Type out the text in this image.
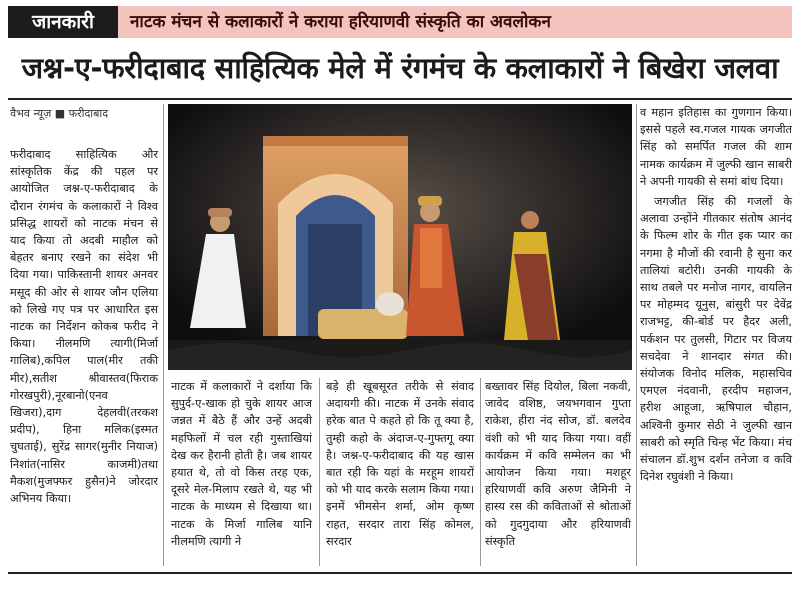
जानकारी	नाटक मंचन से कलाकारों ने कराया हरियाणवी संस्कृति का अवलोकन
जश्न-ए-फरीदाबाद साहित्यिक मेले में रंगमंच के कलाकारों ने बिखेरा जलवा
वैभव न्यूज़ ■ फरीदाबाद

फरीदाबाद साहित्यिक और सांस्कृतिक केंद्र की पहल पर आयोजित जश्न-ए-फरीदाबाद के दौरान रंगमंच के कलाकारों ने विश्व प्रसिद्ध शायरों को नाटक मंचन से याद किया तो अदबी माहौल को बेहतर बनाए रखने का संदेश भी दिया गया। पाकिस्तानी शायर अनवर मसूद की ओर से शायर जौन एलिया को लिखे गए पत्र पर आधारित इस नाटक का निर्देशन कोकब फरीद ने किया। नीलमणि त्यागी(मिर्जा गालिब),कपिल पाल(मीर तकी मीर),सतीश श्रीवास्तव(फिराक गोरखपुरी),नूरबानो(एनव खिजरा),दाग देहलवी(तरकश प्रदीप), हिना मलिक(इस्मत चुघताई), सुरेंद्र सागर(मुनीर नियाज) निशांत(नासिर काजमी)तथा मैकश(मुजफ्फर हुसैन)ने जोरदार अभिनय किया।

नाटक में कलाकारों ने दर्शाया कि सुपुर्द-ए-खाक हो चुके शायर आज जन्नत में बैठे हैं और उन्हें अदबी महफिलों में चल रही गुस्ताखियां देख कर हैरानी होती है। जब शायर हयात थे, तो वो किस तरह एक, दूसरे मेल-मिलाप रखते थे, यह भी नाटक के माध्यम से दिखाया था। नाटक के मिर्जा गालिब यानि नीलमणि त्यागी ने

बड़े ही खूबसूरत तरीके से संवाद अदायगी की। नाटक में उनके संवाद हरेक बात पे कहते हो कि तू क्या है, तुम्ही कहो के अंदाज-ए-गुफ्तगू क्या है। जश्न-ए-फरीदाबाद की यह खास बात रही कि यहां के मरहूम शायरों को भी याद करके सलाम किया गया। इनमें भीमसेन शर्मा, ओम कृष्ण राहत, सरदार तारा सिंह कोमल, सरदार

बख्तावर सिंह दियोल, बिला नकवी, जावेद वशिष्ठ, जयभगवान गुप्ता राकेश, हीरा नंद सोज, डॉ. बलदेव वंशी को भी याद किया गया। वहीं कार्यक्रम में कवि सम्मेलन का भी आयोजन किया गया। मशहूर हरियाणवीं कवि अरुण जैमिनी ने हास्य रस की कविताओं से श्रोताओं को गुदगुदाया और हरियाणवी संस्कृति

व महान इतिहास का गुणगान किया। इससे पहले स्व.गजल गायक जगजीत सिंह को समर्पित गजल की शाम नामक कार्यक्रम में जुल्फी खान साबरी ने अपनी गायकी से समां बांध दिया।

जगजीत सिंह की गजलों के अलावा उन्होंने गीतकार संतोष आनंद के फिल्म शोर के गीत इक प्यार का नगमा है मौजों की रवानी है सुना कर तालियां बटोरी। उनकी गायकी के साथ तबले पर मनोज नागर, वायलिन पर मोहम्मद यूनुस, बांसुरी पर देवेंद्र राजभट्ट, की-बोर्ड पर हैदर अली, पर्कशन पर तुलसी, गिटार पर विजय सचदेवा ने शानदार संगत की। संयोजक विनोद मलिक, महासचिव एमएल नंदवानी, हरदीप महाजन, हरीश आहूजा, ऋषिपाल चौहान, अश्विनी कुमार सेठी ने जुल्फी खान साबरी को स्मृति चिन्ह भेंट किया। मंच संचालन डॉ.शुभ दर्शन तनेजा व कवि दिनेश रघुवंशी ने किया।
